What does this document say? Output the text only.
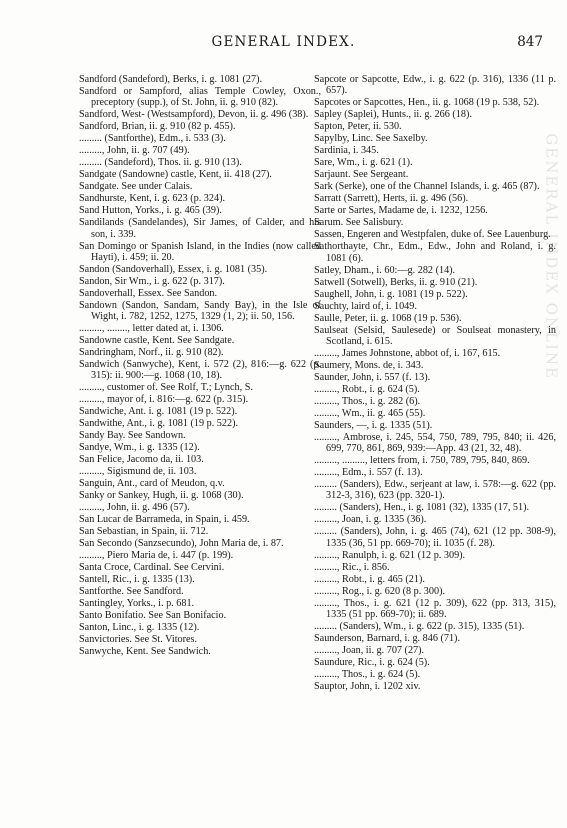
GENERAL INDEX.	847

Sandford (Sandeford), Berks, i. g. 1081 (27).

Sandford or Sampford, alias Temple Cowley, Oxon., preceptory (supp.), of St. John, ii. g. 910 (82).

Sandford, West- (Westsampford), Devon, ii. g. 496 (38).

Sandford, Brian, ii. g. 910 (82 p. 455).

......... (Santforthe), Edm., i. 533 (3).

........., John, ii. g. 707 (49).

......... (Sandeford), Thos. ii. g. 910 (13).

Sandgate (Sandowne) castle, Kent, ii. 418 (27).

Sandgate. See under Calais.

Sandhurste, Kent, i. g. 623 (p. 324).

Sand Hutton, Yorks., i. g. 465 (39).

Sandilands (Sandelandes), Sir James, of Calder, and his son, i. 339.

San Domingo or Spanish Island, in the Indies (now called Hayti), i. 459; ii. 20.

Sandon (Sandoverhall), Essex, i. g. 1081 (35).

Sandon, Sir Wm., i. g. 622 (p. 317).

Sandoverhall, Essex. See Sandon.

Sandown (Sandon, Sandam, Sandy Bay), in the Isle of Wight, i. 782, 1252, 1275, 1329 (1, 2); ii. 50, 156.

........., ........, letter dated at, i. 1306.

Sandowne castle, Kent. See Sandgate.

Sandringham, Norf., ii. g. 910 (82).

Sandwich (Sanwyche), Kent, i. 572 (2), 816:—g. 622 (p. 315): ii. 900:—g. 1068 (10, 18).

........., customer of. See Rolf, T.; Lynch, S.

........., mayor of, i. 816:—g. 622 (p. 315).

Sandwiche, Ant. i. g. 1081 (19 p. 522).

Sandwithe, Ant., i. g. 1081 (19 p. 522).

Sandy Bay. See Sandown.

Sandye, Wm., i. g. 1335 (12).

San Felice, Jacomo da, ii. 103.

........., Sigismund de, ii. 103.

Sanguin, Ant., card of Meudon, q.v.

Sanky or Sankey, Hugh, ii. g. 1068 (30).

........., John, ii. g. 496 (57).

San Lucar de Barrameda, in Spain, i. 459.

San Sebastian, in Spain, ii. 712.

San Secondo (Sanzsecundo), John Maria de, i. 87.

........., Piero Maria de, i. 447 (p. 199).

Santa Croce, Cardinal. See Cervini.

Santell, Ric., i. g. 1335 (13).

Santforthe. See Sandford.

Santingley, Yorks., i. p. 681.

Santo Bonifatio. See San Bonifacio.

Santon, Linc., i. g. 1335 (12).

Sanvictories. See St. Vitores.

Sanwyche, Kent. See Sandwich.

Sapcote or Sapcotte, Edw., i. g. 622 (p. 316), 1336 (11 p. 657).

Sapcotes or Sapcottes, Hen., ii. g. 1068 (19 p. 538, 52).

Sapley (Saplei), Hunts., ii. g. 266 (18).

Sapton, Peter, ii. 530.

Sapylby, Linc. See Saxelby.

Sardinia, i. 345.

Sare, Wm., i. g. 621 (1).

Sarjaunt. See Sergeant.

Sark (Serke), one of the Channel Islands, i. g. 465 (87).

Sarratt (Sarrett), Herts, ii. g. 496 (56).

Sarte or Sartes, Madame de, i. 1232, 1256.

Sarum. See Salisbury.

Sassen, Engeren and Westpfalen, duke of. See Lauenburg.

Sathorthayte, Chr., Edm., Edw., John and Roland, i. g. 1081 (6).

Satley, Dham., i. 60:—g. 282 (14).

Satwell (Sotwell), Berks, ii. g. 910 (21).

Saughell, John, i. g. 1081 (19 p. 522).

Sauchty, laird of, i. 1049.

Saulle, Peter, ii. g. 1068 (19 p. 536).

Saulseat (Selsid, Saulesede) or Soulseat monastery, in Scotland, i. 615.

........., James Johnstone, abbot of, i. 167, 615.

Saumery, Mons. de, i. 343.

Saunder, John, i. 557 (f. 13).

........., Robt., i. g. 624 (5).

........., Thos., i. g. 282 (6).

........., Wm., ii. g. 465 (55).

Saunders, —, i. g. 1335 (51).

........., Ambrose, i. 245, 554, 750, 789, 795, 840; ii. 426, 699, 770, 861, 869, 939:—App. 43 (21, 32, 48).

........., ........., letters from, i. 750, 789, 795, 840, 869.

........., Edm., i. 557 (f. 13).

......... (Sanders), Edw., serjeant at law, i. 578:—g. 622 (pp. 312-3, 316), 623 (pp. 320-1).

......... (Sanders), Hen., i. g. 1081 (32), 1335 (17, 51).

........., Joan, i. g. 1335 (36).

......... (Sanders), John, i. g. 465 (74), 621 (12 pp. 308-9), 1335 (36, 51 pp. 669-70); ii. 1035 (f. 28).

........., Ranulph, i. g. 621 (12 p. 309).

........., Ric., i. 856.

........., Robt., i. g. 465 (21).

........., Rog., i. g. 620 (8 p. 300).

........., Thos., i. g. 621 (12 p. 309), 622 (pp. 313, 315), 1335 (51 pp. 669-70); ii. 689.

......... (Sanders), Wm., i. g. 622 (p. 315), 1335 (51).

Saunderson, Barnard, i. g. 846 (71).

........., Joan, ii. g. 707 (27).

Saundure, Ric., i. g. 624 (5).

........., Thos., i. g. 624 (5).

Sauptor, John, i. 1202 xiv.

GENERAL INDEX ONLINE
